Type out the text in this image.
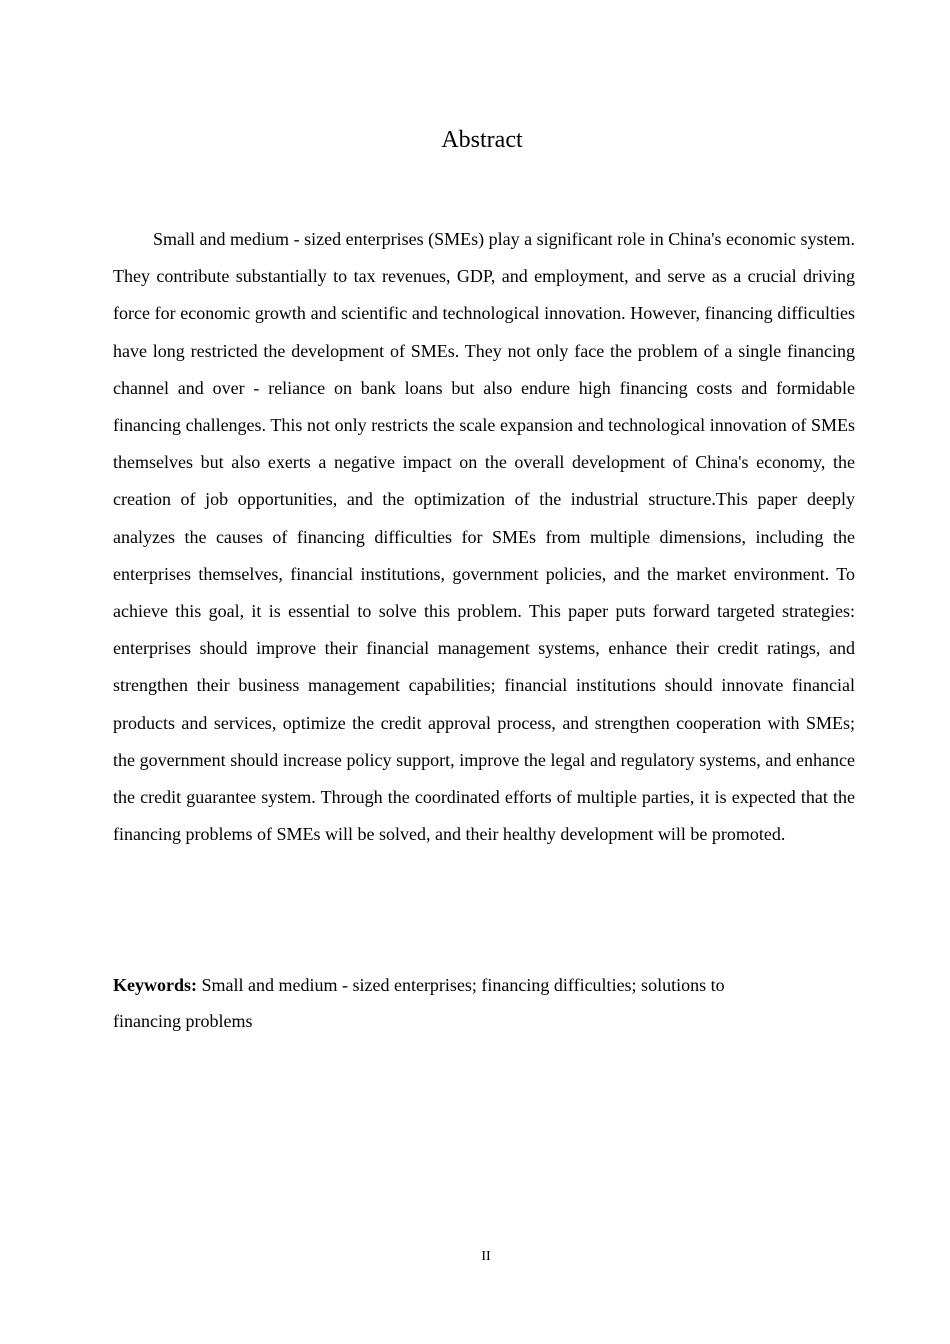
Abstract

Small and medium - sized enterprises (SMEs) play a significant role in China's economic system. They contribute substantially to tax revenues, GDP, and employment, and serve as a crucial driving force for economic growth and scientific and technological innovation. However, financing difficulties have long restricted the development of SMEs. They not only face the problem of a single financing channel and over - reliance on bank loans but also endure high financing costs and formidable financing challenges. This not only restricts the scale expansion and technological innovation of SMEs themselves but also exerts a negative impact on the overall development of China's economy, the creation of job opportunities, and the optimization of the industrial structure.This paper deeply analyzes the causes of financing difficulties for SMEs from multiple dimensions, including the enterprises themselves, financial institutions, government policies, and the market environment. To achieve this goal, it is essential to solve this problem. This paper puts forward targeted strategies: enterprises should improve their financial management systems, enhance their credit ratings, and strengthen their business management capabilities; financial institutions should innovate financial products and services, optimize the credit approval process, and strengthen cooperation with SMEs; the government should increase policy support, improve the legal and regulatory systems, and enhance the credit guarantee system. Through the coordinated efforts of multiple parties, it is expected that the financing problems of SMEs will be solved, and their healthy development will be promoted.

Keywords: Small and medium - sized enterprises; financing difficulties; solutions to financing problems

II
